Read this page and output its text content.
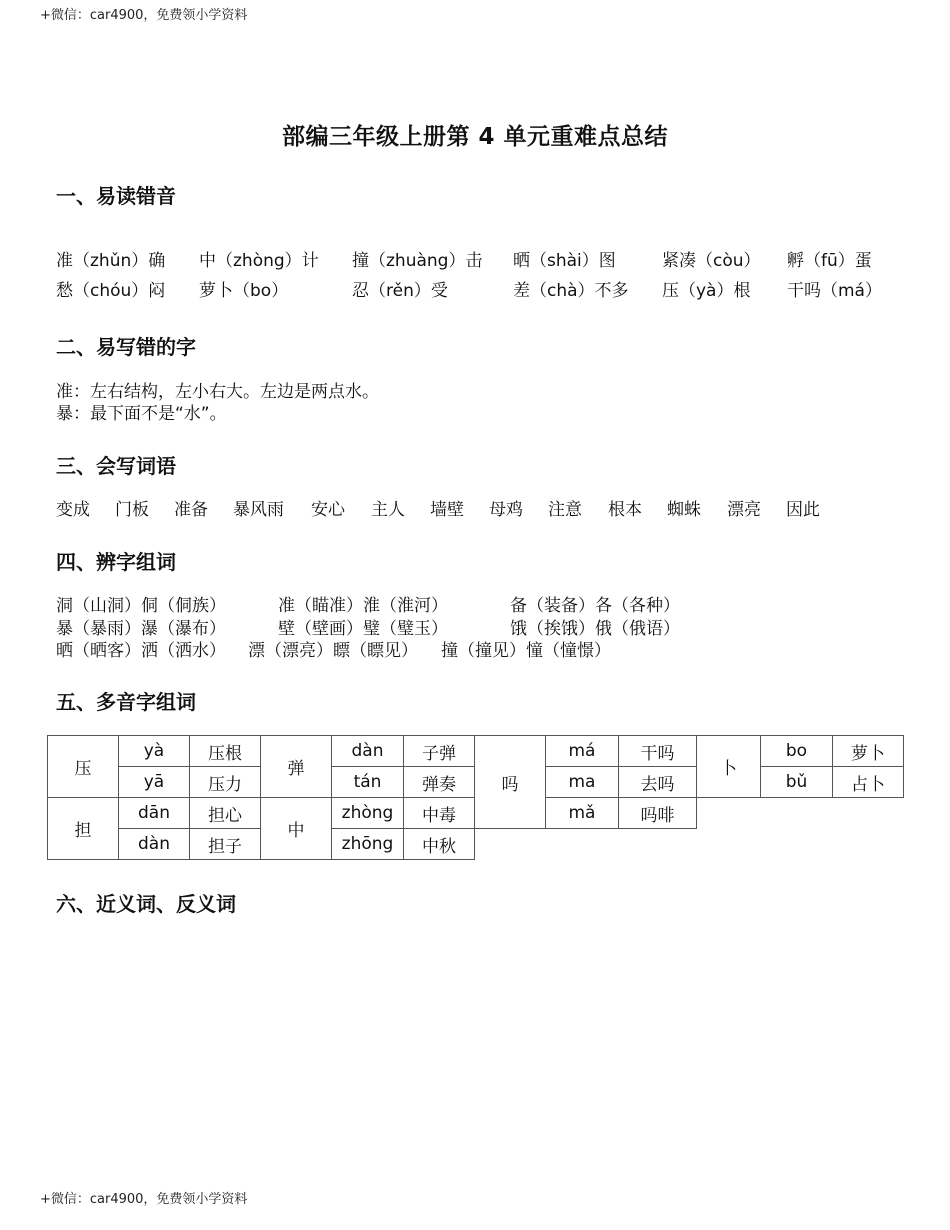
+微信：car4900，免费领小学资料
部编三年级上册第 4 单元重难点总结
一、易读错音
准（zhǔn）确 中（zhòng）计 撞（zhuàng）击 晒（shài）图	紧凑（còu） 孵（fū）蛋
愁（chóu）闷 萝卜（bo）	忍（rěn）受	差（chà）不多 压（yà）根 干吗（má）
二、易写错的字
准：左右结构，左小右大。左边是两点水。
暴：最下面不是“水”。
三、会写词语
变成 门板 准备 暴风雨 安心 主人 墙壁 母鸡 注意 根本 蜘蛛 漂亮 因此
四、辨字组词
洞（山洞）侗（侗族）	准（瞄准）淮（淮河）	备（装备）各（各种）
暴（暴雨）瀑（瀑布）	壁（壁画）璧（璧玉）	饿（挨饿）俄（俄语）
晒（晒客）洒（洒水） 漂（漂亮）瞟（瞟见） 撞（撞见）憧（憧憬）
五、多音字组词
压	yà	压根	弹	dàn	子弹	吗	má	干吗	卜	bo	萝卜
	yā	压力		tán	弹奏		ma	去吗		bǔ	占卜
担	dān	担心	中	zhòng	中毒		mǎ	吗啡			
	dàn	担子		zhōng	中秋						
六、近义词、反义词
+微信：car4900，免费领小学资料
